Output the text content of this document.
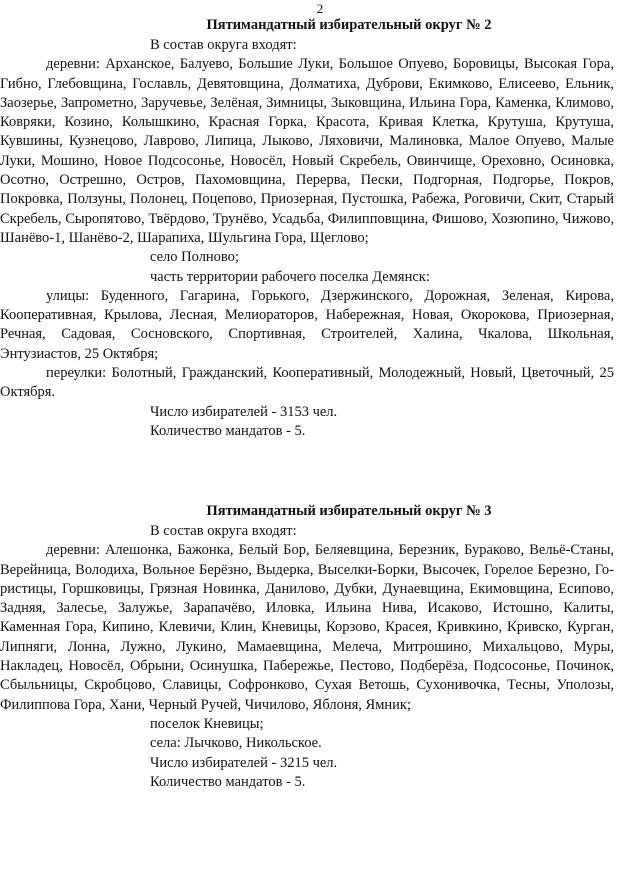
2
Пятимандатный избирательный округ № 2

В состав округа входят:

деревни: Арханское, Балуево, Большие Луки, Большое Опуево, Боровицы, Высокая Гора, Гибно, Глебовщина, Гославль, Девятовщина, Долматиха, Дуброви, Екимково, Елисеево, Ельник, Заозерье, Запрометно, Заручевье, Зелёная, Зимницы, Зыковщина, Ильина Гора, Каменка, Климово, Ковряки, Козино, Колышкино, Красная Горка, Красота, Кривая Клетка, Крутуша, Крутуша, Кувшины, Кузнецово, Лаврово, Липица, Лыково, Ляховичи, Малиновка, Малое Опуево, Малые Луки, Мошино, Новое Подсосонье, Новосёл, Новый Скребель, Овинчище, Ореховно, Осиновка, Осотно, Острешно, Остров, Пахомовщина, Перерва, Пески, Подгорная, Подгорье, Покров, Покровка, Ползуны, Полонец, Поцепово, Приозерная, Пустошка, Рабежа, Роговичи, Скит, Старый Скребель, Сыропятово, Твёрдово, Трунёво, Усадьба, Филипповщина, Фишово, Хозюпино, Чижово, Шанёво-1, Шанёво-2, Шарапиха, Шульгина Гора, Щеглово;

село Полново;

часть территории рабочего поселка Демянск:

улицы: Буденного, Гагарина, Горького, Дзержинского, Дорожная, Зеленая, Кирова, Кооперативная, Крылова, Лесная, Мелиораторов, Набережная, Новая, Окорокова, Приозерная, Речная, Садовая, Сосновского, Спортивная, Строителей, Халина, Чкалова, Школьная, Энтузиастов, 25 Октября;

переулки: Болотный, Гражданский, Кооперативный, Молодежный, Новый, Цветочный, 25 Октября.

Число избирателей - 3153 чел.

Количество мандатов - 5.

Пятимандатный избирательный округ № 3

В состав округа входят:

деревни: Алешонка, Бажонка, Белый Бор, Беляевщина, Березник, Бураково, Вельё-Станы, Верейница, Володиха, Вольное Берёзно, Выдерка, Выселки-Борки, Высочек, Горелое Березно, Гористицы, Горшковицы, Грязная Новинка, Данилово, Дубки, Дунаевщина, Екимовщина, Есипово, Задняя, Залесье, Залужье, Зарапачёво, Иловка, Ильина Нива, Исаково, Истошно, Калиты, Каменная Гора, Кипино, Клевичи, Клин, Кневицы, Корзово, Красея, Кривкино, Кривско, Курган, Липняги, Лонна, Лужно, Лукино, Мамаевщина, Мелеча, Митрошино, Михальцово, Муры, Накладец, Новосёл, Обрыни, Осинушка, Паберeжье, Пестово, Подберёза, Подсосонье, Починок, Сбыльницы, Скробцово, Славицы, Софронково, Сухая Ветошь, Сухонивочка, Тесны, Уполозы, Филиппова Гора, Хани, Черный Ручей, Чичилово, Яблоня, Ямник;

поселок Кневицы;

села: Лычково, Никольское.

Число избирателей - 3215 чел.

Количество мандатов - 5.
